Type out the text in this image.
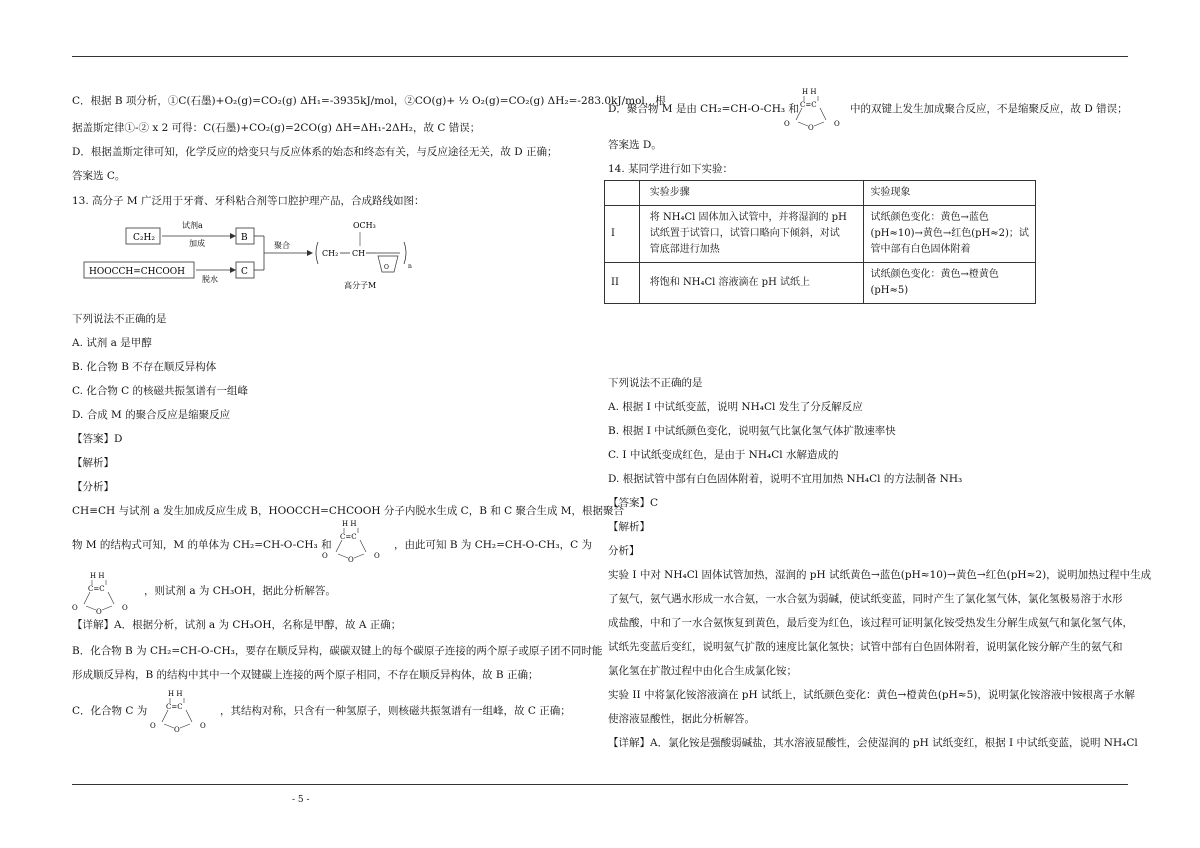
C．根据 B 项分析，①C(石墨)+O₂(g)=CO₂(g) ΔH₁=-3935kJ/mol，②CO(g)+ ½ O₂(g)=CO₂(g) ΔH₂=-283.0kJ/mol，根
据盖斯定律①-② x 2 可得：C(石墨)+CO₂(g)=2CO(g) ΔH=ΔH₁-2ΔH₂，故 C 错误；
D．根据盖斯定律可知，化学反应的焓变只与反应体系的始态和终态有关，与反应途径无关，故 D 正确；
答案选 C。
13. 高分子 M 广泛用于牙膏、牙科粘合剂等口腔护理产品，合成路线如图：
C₂H₂
试剂a
加成
B
HOOCCH=CHCOOH
脱水
C
聚合
CH₂ CH
OCH₃
O	n
高分子M
下列说法不正确的是
A. 试剂 a 是甲醇
B. 化合物 B 不存在顺反异构体
C. 化合物 C 的核磁共振氢谱有一组峰
D. 合成 M 的聚合反应是缩聚反应
【答案】D
【解析】
【分析】
CH≡CH 与试剂 a 发生加成反应生成 B，HOOCCH=CHCOOH 分子内脱水生成 C，B 和 C 聚合生成 M，根据聚合
物 M 的结构式可知，M 的单体为 CH₂=CH-O-CH₃ 和
H H
C=C
O
O	O
，由此可知 B 为 CH₂=CH-O-CH₃，C 为
H H
C=C
O
O	O
，则试剂 a 为 CH₃OH，据此分析解答。
【详解】A．根据分析，试剂 a 为 CH₃OH，名称是甲醇，故 A 正确；
B．化合物 B 为 CH₂=CH-O-CH₃，要存在顺反异构，碳碳双键上的每个碳原子连接的两个原子或原子团不同时能
形成顺反异构，B 的结构中其中一个双键碳上连接的两个原子相同，不存在顺反异构体，故 B 正确；
C．化合物 C 为
H H
C=C
O
O	O
，其结构对称，只含有一种氢原子，则核磁共振氢谱有一组峰，故 C 正确；
D．聚合物 M 是由 CH₂=CH-O-CH₃ 和
H H
C=C
O
O	O
中的双键上发生加成聚合反应，不是缩聚反应，故 D 错误；
答案选 D。
14. 某同学进行如下实验：
	实验步骤	实验现象
I	将 NH₄Cl 固体加入试管中，并将湿润的 pH 试纸置于试管口，试管口略向下倾斜，对试管底部进行加热	试纸颜色变化：黄色→蓝色(pH≈10)→黄色→红色(pH≈2)；试管中部有白色固体附着
II	将饱和 NH₄Cl 溶液滴在 pH 试纸上	试纸颜色变化：黄色→橙黄色(pH≈5)
下列说法不正确的是
A. 根据 I 中试纸变蓝，说明 NH₄Cl 发生了分反解反应
B. 根据 I 中试纸颜色变化，说明氨气比氯化氢气体扩散速率快
C. I 中试纸变成红色，是由于 NH₄Cl 水解造成的
D. 根据试管中部有白色固体附着，说明不宜用加热 NH₄Cl 的方法制备 NH₃
【答案】C
【解析】
分析】
实验 I 中对 NH₄Cl 固体试管加热，湿润的 pH 试纸黄色→蓝色(pH≈10)→黄色→红色(pH≈2)，说明加热过程中生成
了氨气，氨气遇水形成一水合氨，一水合氨为弱碱，使试纸变蓝，同时产生了氯化氢气体，氯化氢极易溶于水形
成盐酸，中和了一水合氨恢复到黄色，最后变为红色，该过程可证明氯化铵受热发生分解生成氨气和氯化氢气体，
试纸先变蓝后变红，说明氨气扩散的速度比氯化氢快；试管中部有白色固体附着，说明氯化铵分解产生的氨气和
氯化氢在扩散过程中由化合生成氯化铵；
实验 II 中将氯化铵溶液滴在 pH 试纸上，试纸颜色变化：黄色→橙黄色(pH≈5)，说明氯化铵溶液中铵根离子水解
使溶液显酸性，据此分析解答。
【详解】A．氯化铵是强酸弱碱盐，其水溶液显酸性，会使湿润的 pH 试纸变红，根据 I 中试纸变蓝，说明 NH₄Cl
- 5 -
